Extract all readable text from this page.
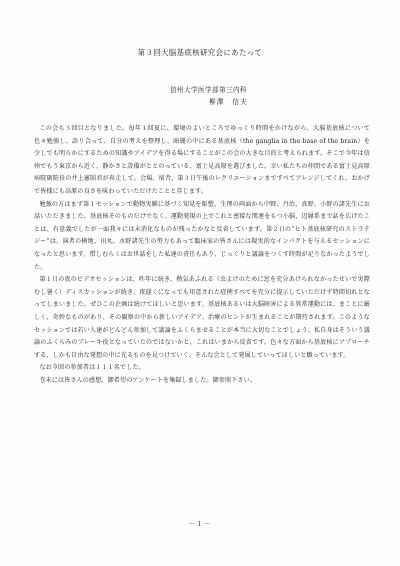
第３回大脳基底核研究会にあたって
信州大学医学部第三内科
柳澤　信夫

この会も３回目となりました。毎年１回夏に、環境のよいところでゆっくり時間をかけながら、大脳基底核について色々勉強し、語り合って、自分の考えを整理し、暗闇の中にある基底核（the ganglia in the base of the brain）を少しでも明らかにするための知識やアイデアを得る場にすることがこの会の大きな目的と考えられます。そこで今年は信州でもう東京から近く、静かさと設備がととのっている、富士見高原を選びました。幸い私たちの仲間である富士見高原病院副院長の井上憲昭君が奔走して、会場、宿舎、第３日午後のレクリエーションまですべてアレンジしてくれ、おかげで皆様にも高原の良さを味わっていただけたことと存じます。

勉強の方はまず第１セッションで動物実験に基づく知見を彫塑、生理の両面から中野、丹治、真野、小野の諸先生にお話いただきました。基底核そのものだけでなく、運動発現の上でこれと密接な関連をもつ小脳、辺縁系まで話を広げたことは、有意義でしたが一面我々には未消化なものが残ったかなと反省しています。第２日の“ヒト基底核研究のストラテジー”は、演者の横地、田丸、水野諸先生の努力もあって臨床家の皆さんには現実的なインパクトを与えるセッションになったと思います。惜しむらくはお世話をした私達の責任もあり、じっくりと議論をつくす時間が足りなかったようでした。

第１日の夜のビデオセッションは、昨年に続き、熱気あふれる（虫よけのために窓を充分あけられなかったせいで実際むし暑く）ディスカッションが続き、夜遅くになっても用意された症例すべてを充分に提示していただけず時間切れとなってしまいました。ぜひこの企画は続けてほしいと思います。基底核あるいは大脳障害による異常運動には、まことに厳しく、奇妙なものがあり、その観察の中から新しいアイデア、治療のヒントが生まれることが期待されます。このようなセッションでは若い人達がどんどん参加して議論をふくらませることが本当に大切なことでしょう。私自身はそういう議論のふくらみのブレーキ役となっていたのではないかと、これはいまから反省です。色々な方面から基底核にアプローチする、しかも自由な発想の中に光るものを見つけていく、そんな会として発展していってほしいと願っています。

なお今回の参加者は１１１名でした。

巻末には皆さんの感想、御希望のアンケートを集録しました。御参照下さい。

－１－
